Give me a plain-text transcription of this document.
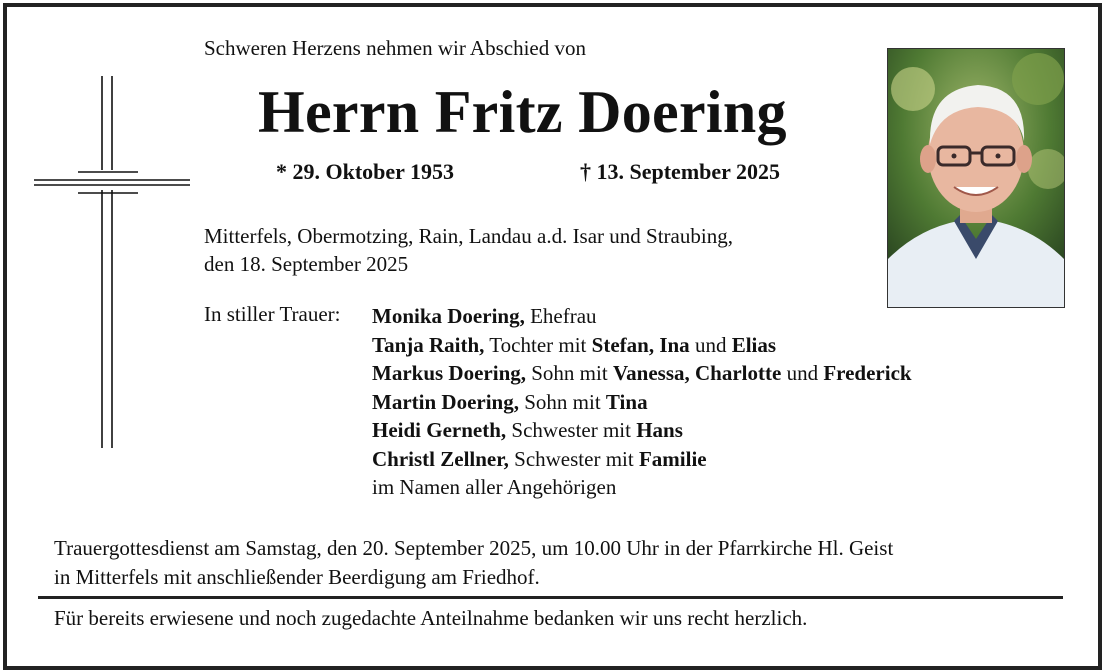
Schweren Herzens nehmen wir Abschied von
Herrn Fritz Doering
* 29. Oktober 1953	† 13. September 2025
Mitterfels, Obermotzing, Rain, Landau a.d. Isar und Straubing,
den 18. September 2025
In stiller Trauer: Monika Doering, Ehefrau
Tanja Raith, Tochter mit Stefan, Ina und Elias
Markus Doering, Sohn mit Vanessa, Charlotte und Frederick
Martin Doering, Sohn mit Tina
Heidi Gerneth, Schwester mit Hans
Christl Zellner, Schwester mit Familie
im Namen aller Angehörigen
Trauergottesdienst am Samstag, den 20. September 2025, um 10.00 Uhr in der Pfarrkirche Hl. Geist
in Mitterfels mit anschließender Beerdigung am Friedhof.
Für bereits erwiesene und noch zugedachte Anteilnahme bedanken wir uns recht herzlich.
